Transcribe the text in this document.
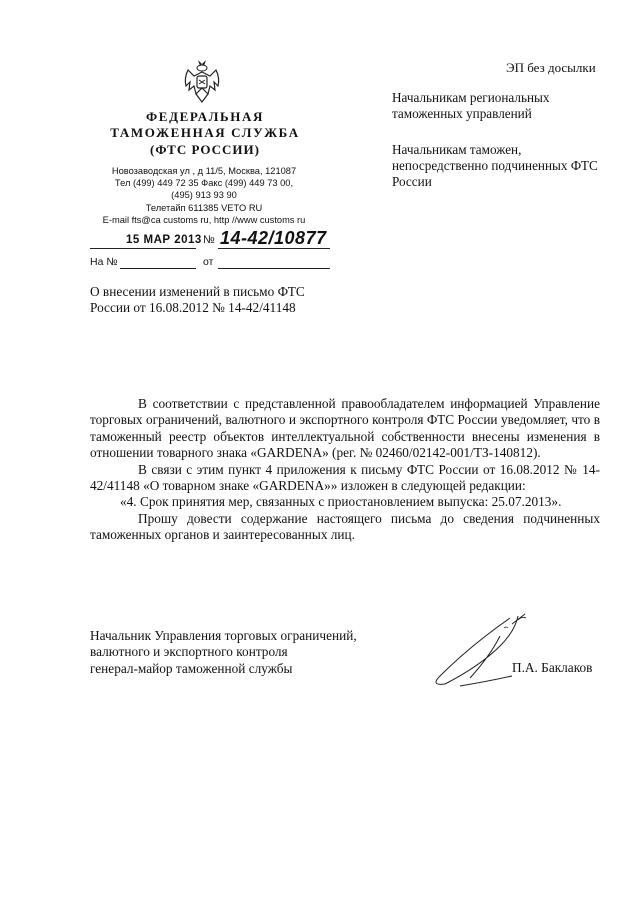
ЭП без досылки
ФЕДЕРАЛЬНАЯ
ТАМОЖЕННАЯ СЛУЖБА
(ФТС РОССИИ)
Новозаводская ул , д 11/5, Москва, 121087
Тел (499) 449 72 35 Факс (499) 449 73 00,
(495) 913 93 90
Телетайп 611385 VETO RU
E-mail fts@ca customs ru, http //www customs ru
15 МАР 2013 № 14-42/10877
На №	от
Начальникам региональных таможенных управлений
Начальникам таможен, непосредственно подчиненных ФТС России
О внесении изменений в письмо ФТС России от 16.08.2012 № 14-42/41148

В соответствии с представленной правообладателем информацией Управление торговых ограничений, валютного и экспортного контроля ФТС России уведомляет, что в таможенный реестр объектов интеллектуальной собственности внесены изменения в отношении товарного знака «GARDENA» (рег. № 02460/02142-001/ТЗ-140812).

В связи с этим пункт 4 приложения к письму ФТС России от 16.08.2012 № 14-42/41148 «О товарном знаке «GARDENA»» изложен в следующей редакции:

«4. Срок принятия мер, связанных с приостановлением выпуска: 25.07.2013».

Прошу довести содержание настоящего письма до сведения подчиненных таможенных органов и заинтересованных лиц.

Начальник Управления торговых ограничений,
валютного и экспортного контроля
генерал-майор таможенной службы	П.А. Баклаков
